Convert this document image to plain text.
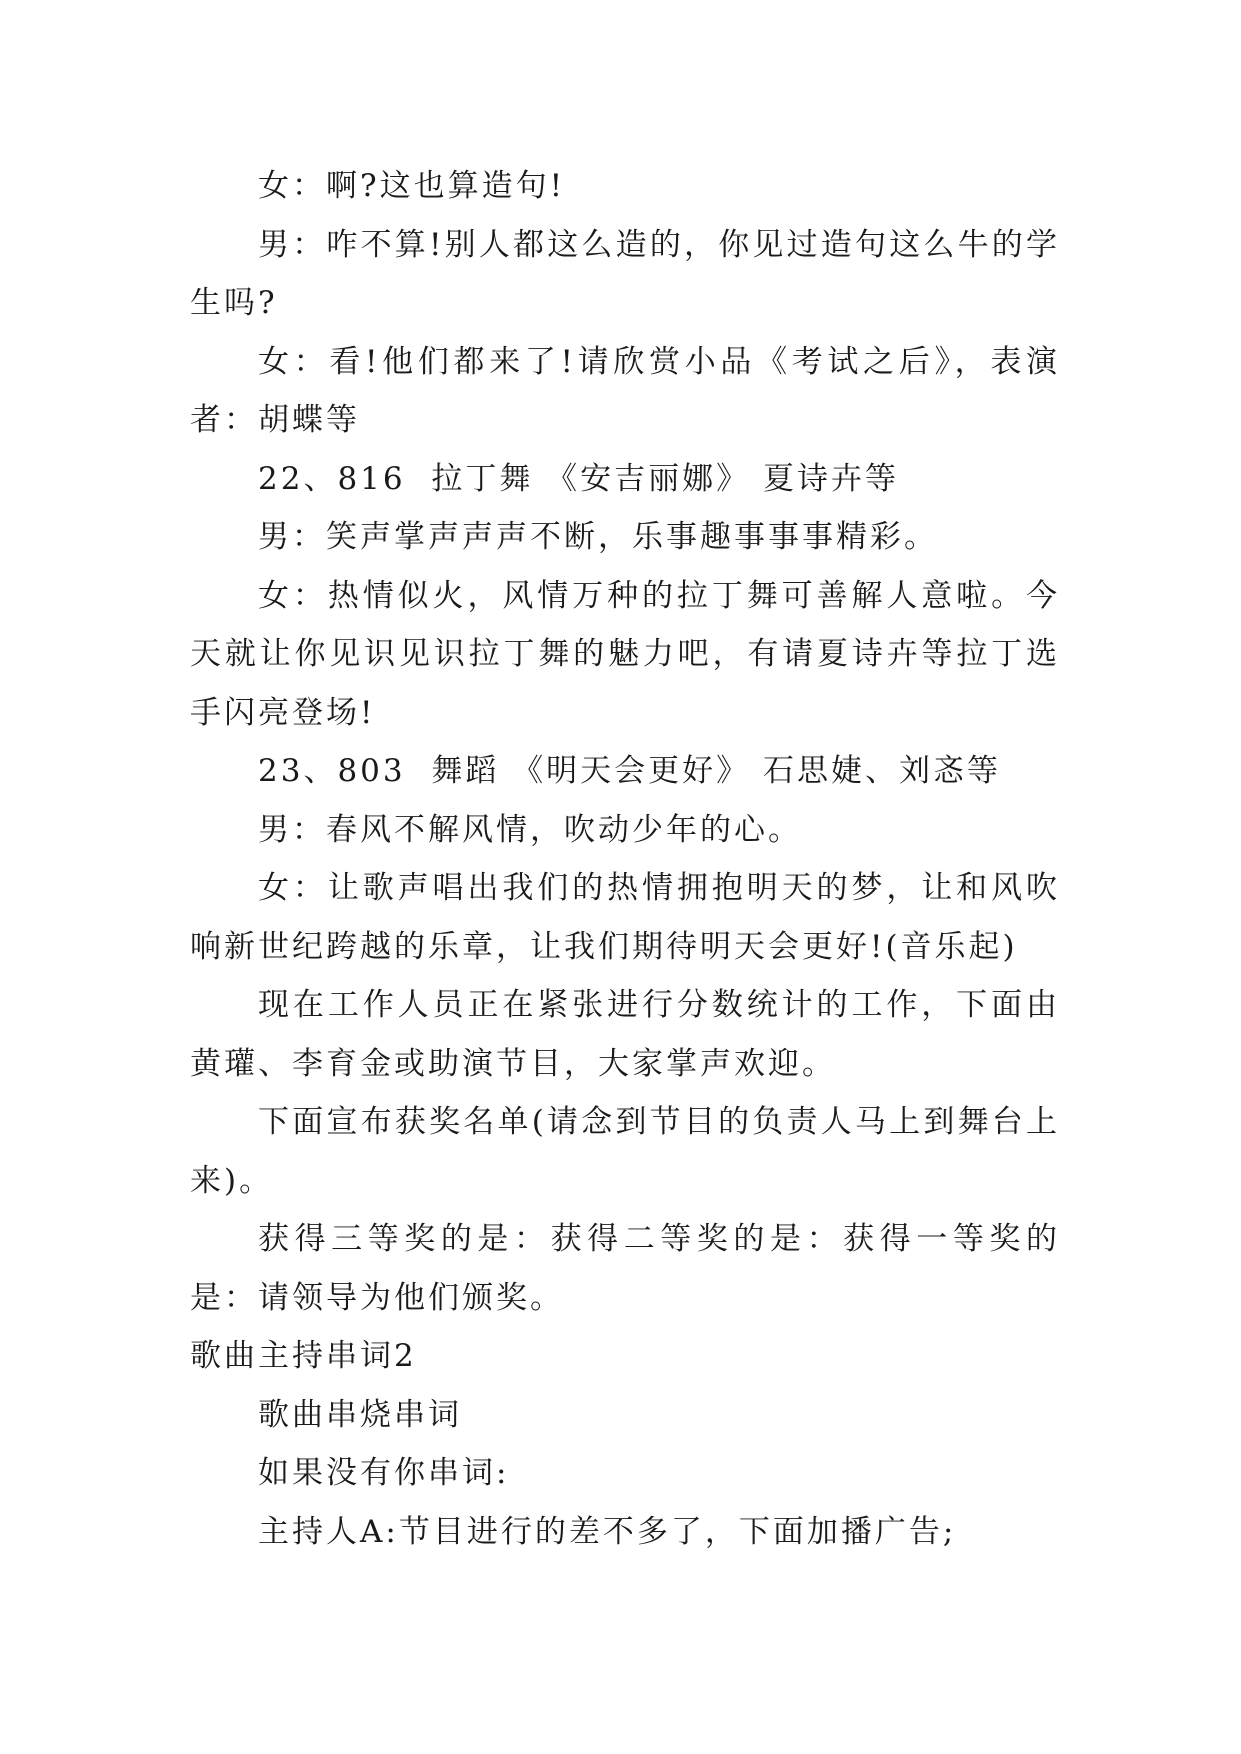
女：啊?这也算造句!

男：咋不算!别人都这么造的，你见过造句这么牛的学生吗?

女：看!他们都来了!请欣赏小品《考试之后》，表演者：胡蝶等

22、816  拉丁舞 《安吉丽娜》 夏诗卉等

男：笑声掌声声声不断，乐事趣事事事精彩。

女：热情似火，风情万种的拉丁舞可善解人意啦。今天就让你见识见识拉丁舞的魅力吧，有请夏诗卉等拉丁选手闪亮登场!

23、803  舞蹈 《明天会更好》 石思婕、刘忞等

男：春风不解风情，吹动少年的心。

女：让歌声唱出我们的热情拥抱明天的梦，让和风吹响新世纪跨越的乐章，让我们期待明天会更好!(音乐起)

现在工作人员正在紧张进行分数统计的工作，下面由黄瓘、李育金或助演节目，大家掌声欢迎。

下面宣布获奖名单(请念到节目的负责人马上到舞台上来)。

获得三等奖的是：获得二等奖的是：获得一等奖的是：请领导为他们颁奖。

歌曲主持串词2

歌曲串烧串词

如果没有你串词:

主持人A:节目进行的差不多了，下面加播广告;
